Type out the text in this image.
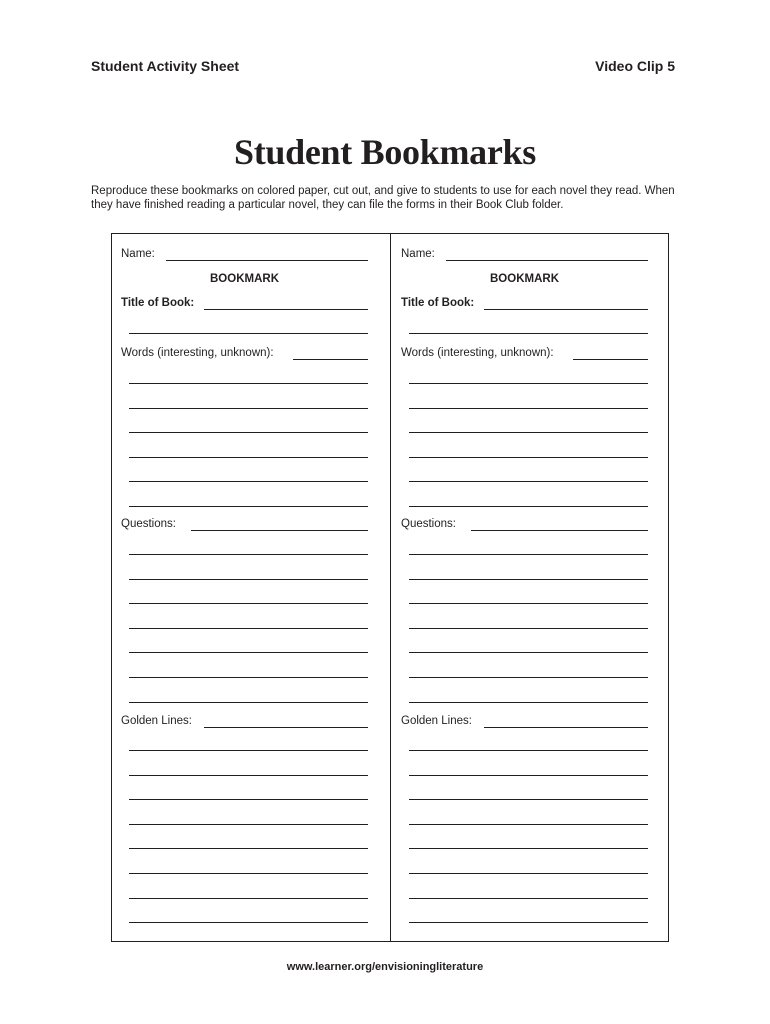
Student Activity Sheet	Video Clip 5
Student Bookmarks
Reproduce these bookmarks on colored paper, cut out, and give to students to use for each novel they read. When they have finished reading a particular novel, they can file the forms in their Book Club folder.
Name:
BOOKMARK
Title of Book:
Words (interesting, unknown):
Questions:
Golden Lines:
Name:
BOOKMARK
Title of Book:
Words (interesting, unknown):
Questions:
Golden Lines:
www.learner.org/envisioningliterature
